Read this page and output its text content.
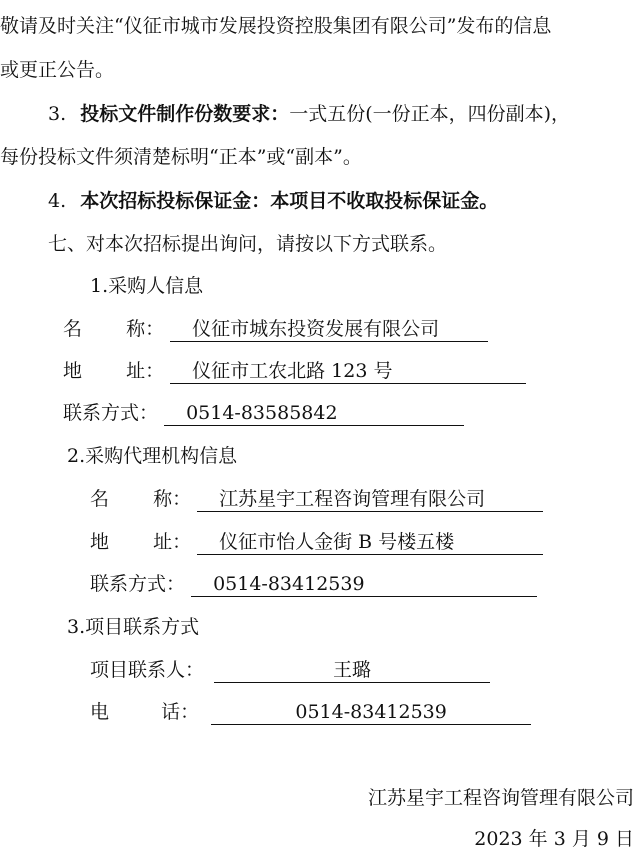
敬请及时关注“仪征市城市发展投资控股集团有限公司”发布的信息
或更正公告。
3. 投标文件制作份数要求：一式五份(一份正本，四份副本)，
每份投标文件须清楚标明“正本”或“副本”。
4. 本次招标投标保证金：本项目不收取投标保证金。
七、对本次招标提出询问，请按以下方式联系。
1.采购人信息
名 称： 仪征市城东投资发展有限公司
地 址： 仪征市工农北路 123 号
联系方式： 0514-83585842
2.采购代理机构信息
名 称： 江苏星宇工程咨询管理有限公司
地 址： 仪征市怡人金街 B 号楼五楼
联系方式： 0514-83412539
3.项目联系方式
项目联系人：	王璐
电	话：	0514-83412539
江苏星宇工程咨询管理有限公司
2023 年 3 月 9 日
